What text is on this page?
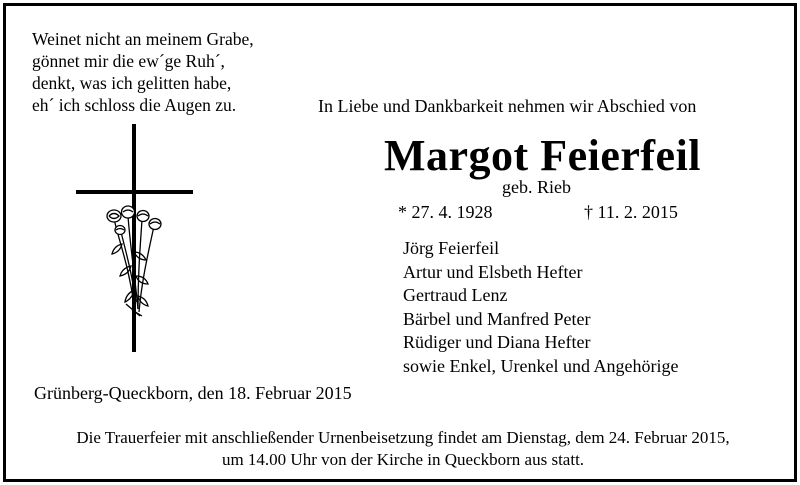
Weinet nicht an meinem Grabe,
gönnet mir die ew´ge Ruh´,
denkt, was ich gelitten habe,
eh´ ich schloss die Augen zu.	In Liebe und Dankbarkeit nehmen wir Abschied von
Margot Feierfeil
geb. Rieb
* 27. 4. 1928	† 11. 2. 2015
Jörg Feierfeil
Artur und Elsbeth Hefter
Gertraud Lenz
Bärbel und Manfred Peter
Rüdiger und Diana Hefter
sowie Enkel, Urenkel und Angehörige
Grünberg-Queckborn, den 18. Februar 2015
Die Trauerfeier mit anschließender Urnenbeisetzung findet am Dienstag, dem 24. Februar 2015,
um 14.00 Uhr von der Kirche in Queckborn aus statt.
